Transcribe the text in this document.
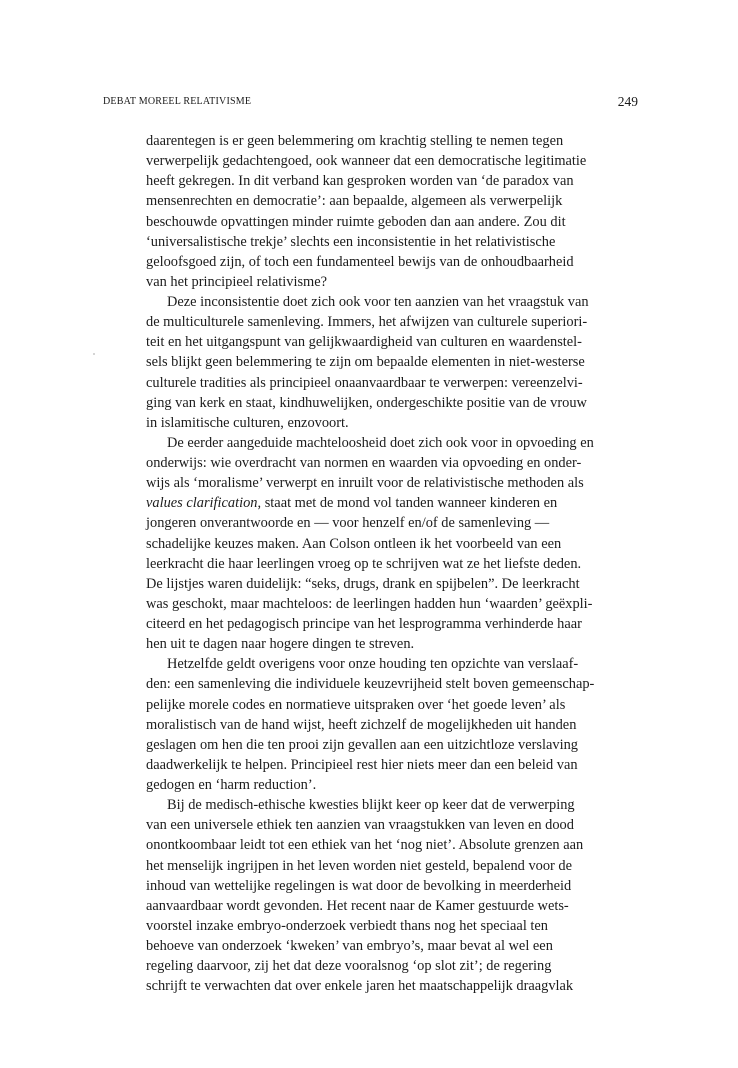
DEBAT MOREEL RELATIVISME	249
daarentegen is er geen belemmering om krachtig stelling te nemen tegen
verwerpelijk gedachtengoed, ook wanneer dat een democratische legitimatie
heeft gekregen. In dit verband kan gesproken worden van ‘de paradox van
mensenrechten en democratie’: aan bepaalde, algemeen als verwerpelijk
beschouwde opvattingen minder ruimte geboden dan aan andere. Zou dit
‘universalistische trekje’ slechts een inconsistentie in het relativistische
geloofsgoed zijn, of toch een fundamenteel bewijs van de onhoudbaarheid
van het principieel relativisme?
Deze inconsistentie doet zich ook voor ten aanzien van het vraagstuk van
de multiculturele samenleving. Immers, het afwijzen van culturele superiori-
teit en het uitgangspunt van gelijkwaardigheid van culturen en waardenstel-
sels blijkt geen belemmering te zijn om bepaalde elementen in niet-westerse
culturele tradities als principieel onaanvaardbaar te verwerpen: vereenzelvi-
ging van kerk en staat, kindhuwelijken, ondergeschikte positie van de vrouw
in islamitische culturen, enzovoort.
De eerder aangeduide machteloosheid doet zich ook voor in opvoeding en
onderwijs: wie overdracht van normen en waarden via opvoeding en onder-
wijs als ‘moralisme’ verwerpt en inruilt voor de relativistische methoden als
values clarification, staat met de mond vol tanden wanneer kinderen en
jongeren onverantwoorde en — voor henzelf en/of de samenleving —
schadelijke keuzes maken. Aan Colson ontleen ik het voorbeeld van een
leerkracht die haar leerlingen vroeg op te schrijven wat ze het liefste deden.
De lijstjes waren duidelijk: “seks, drugs, drank en spijbelen”. De leerkracht
was geschokt, maar machteloos: de leerlingen hadden hun ‘waarden’ geëxpli-
citeerd en het pedagogisch principe van het lesprogramma verhinderde haar
hen uit te dagen naar hogere dingen te streven.
Hetzelfde geldt overigens voor onze houding ten opzichte van verslaaf-
den: een samenleving die individuele keuzevrijheid stelt boven gemeenschap-
pelijke morele codes en normatieve uitspraken over ‘het goede leven’ als
moralistisch van de hand wijst, heeft zichzelf de mogelijkheden uit handen
geslagen om hen die ten prooi zijn gevallen aan een uitzichtloze verslaving
daadwerkelijk te helpen. Principieel rest hier niets meer dan een beleid van
gedogen en ‘harm reduction’.
Bij de medisch-ethische kwesties blijkt keer op keer dat de verwerping
van een universele ethiek ten aanzien van vraagstukken van leven en dood
onontkoombaar leidt tot een ethiek van het ‘nog niet’. Absolute grenzen aan
het menselijk ingrijpen in het leven worden niet gesteld, bepalend voor de
inhoud van wettelijke regelingen is wat door de bevolking in meerderheid
aanvaardbaar wordt gevonden. Het recent naar de Kamer gestuurde wets-
voorstel inzake embryo-onderzoek verbiedt thans nog het speciaal ten
behoeve van onderzoek ‘kweken’ van embryo’s, maar bevat al wel een
regeling daarvoor, zij het dat deze vooralsnog ‘op slot zit’; de regering
schrijft te verwachten dat over enkele jaren het maatschappelijk draagvlak
